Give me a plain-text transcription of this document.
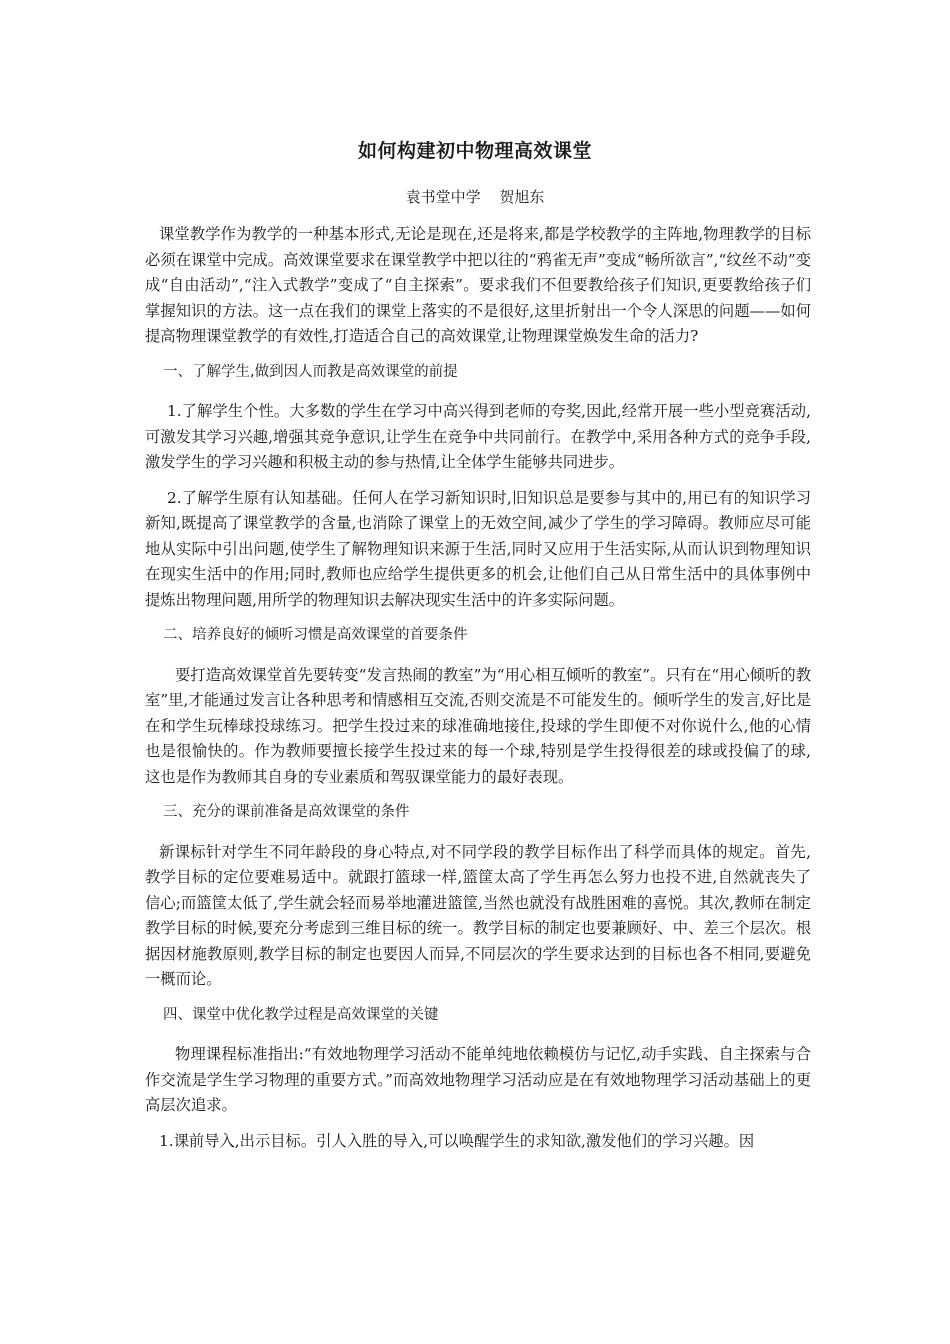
如何构建初中物理高效课堂
袁书堂中学 贺旭东

课堂教学作为教学的一种基本形式,无论是现在,还是将来,都是学校教学的主阵地,物理教学的目标必须在课堂中完成。高效课堂要求在课堂教学中把以往的“鸦雀无声”变成“畅所欲言”,“纹丝不动”变成“自由活动”,“注入式教学”变成了“自主探索”。要求我们不但要教给孩子们知识,更要教给孩子们掌握知识的方法。这一点在我们的课堂上落实的不是很好,这里折射出一个令人深思的问题——如何提高物理课堂教学的有效性,打造适合自己的高效课堂,让物理课堂焕发生命的活力?

一、了解学生,做到因人而教是高效课堂的前提

1.了解学生个性。大多数的学生在学习中高兴得到老师的夸奖,因此,经常开展一些小型竞赛活动,可激发其学习兴趣,增强其竞争意识,让学生在竞争中共同前行。在教学中,采用各种方式的竞争手段,激发学生的学习兴趣和积极主动的参与热情,让全体学生能够共同进步。

2.了解学生原有认知基础。任何人在学习新知识时,旧知识总是要参与其中的,用已有的知识学习新知,既提高了课堂教学的含量,也消除了课堂上的无效空间,减少了学生的学习障碍。教师应尽可能地从实际中引出问题,使学生了解物理知识来源于生活,同时又应用于生活实际,从而认识到物理知识在现实生活中的作用;同时,教师也应给学生提供更多的机会,让他们自己从日常生活中的具体事例中提炼出物理问题,用所学的物理知识去解决现实生活中的许多实际问题。

二、培养良好的倾听习惯是高效课堂的首要条件

要打造高效课堂首先要转变“发言热闹的教室”为“用心相互倾听的教室”。只有在“用心倾听的教室”里,才能通过发言让各种思考和情感相互交流,否则交流是不可能发生的。倾听学生的发言,好比是在和学生玩棒球投球练习。把学生投过来的球准确地接住,投球的学生即便不对你说什么,他的心情也是很愉快的。作为教师要擅长接学生投过来的每一个球,特别是学生投得很差的球或投偏了的球,这也是作为教师其自身的专业素质和驾驭课堂能力的最好表现。

三、充分的课前准备是高效课堂的条件

新课标针对学生不同年龄段的身心特点,对不同学段的教学目标作出了科学而具体的规定。首先,教学目标的定位要难易适中。就跟打篮球一样,篮筐太高了学生再怎么努力也投不进,自然就丧失了信心;而篮筐太低了,学生就会轻而易举地灌进篮筐,当然也就没有战胜困难的喜悦。其次,教师在制定教学目标的时候,要充分考虑到三维目标的统一。教学目标的制定也要兼顾好、中、差三个层次。根据因材施教原则,教学目标的制定也要因人而异,不同层次的学生要求达到的目标也各不相同,要避免一概而论。

四、课堂中优化教学过程是高效课堂的关键

物理课程标准指出:“有效地物理学习活动不能单纯地依赖模仿与记忆,动手实践、自主探索与合作交流是学生学习物理的重要方式。”而高效地物理学习活动应是在有效地物理学习活动基础上的更高层次追求。

1.课前导入,出示目标。引人入胜的导入,可以唤醒学生的求知欲,激发他们的学习兴趣。因
